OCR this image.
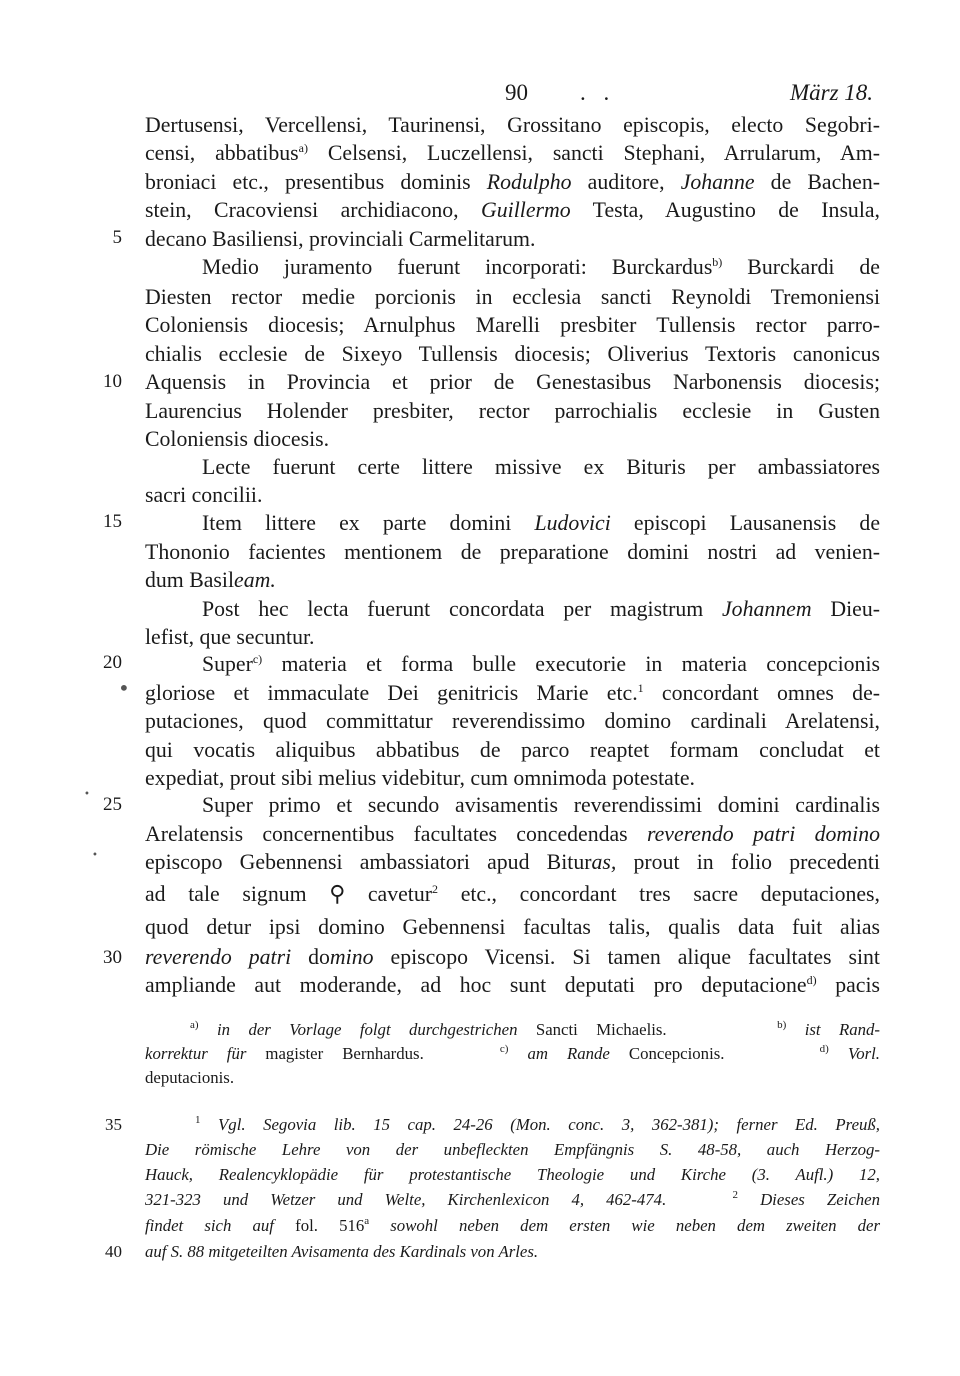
90 . .	März 18.
5
10
15
20
25
30
Dertusensi, Vercellensi, Taurinensi, Grossitano episcopis, electo Segobri-
censi, abbatibus$^{a)}$ Celsensi, Luczellensi, sancti Stephani, Arrularum, Am-
broniaci etc., presentibus dominis Rodulpho auditore, Johanne de Bachen-
stein, Cracoviensi archidiacono, Guillermo Testa, Augustino de Insula,
decano Basiliensi, provinciali Carmelitarum.
Medio juramento fuerunt incorporati: Burckardus$^{b)}$ Burckardi de
Diesten rector medie porcionis in ecclesia sancti Reynoldi Tremoniensi
Coloniensis diocesis; Arnulphus Marelli presbiter Tullensis rector parro-
chialis ecclesie de Sixeyo Tullensis diocesis; Oliverius Textoris canonicus
Aquensis in Provincia et prior de Genestasibus Narbonensis diocesis;
Laurencius Holender presbiter, rector parrochialis ecclesie in Gusten
Coloniensis diocesis.
Lecte fuerunt certe littere missive ex Bituris per ambassiatores
sacri concilii.
Item littere ex parte domini Ludovici episcopi Lausanensis de
Thononio facientes mentionem de preparatione domini nostri ad venien-
dum Basileam.
Post hec lecta fuerunt concordata per magistrum Johannem Dieu-
lefist, que secuntur.
Super$^{c)}$ materia et forma bulle executorie in materia concepcionis
gloriose et immaculate Dei genitricis Marie etc.$^1$ concordant omnes de-
putaciones, quod committatur reverendissimo domino cardinali Arelatensi,
qui vocatis aliquibus abbatibus de parco reaptet formam concludat et
expediat, prout sibi melius videbitur, cum omnimoda potestate.
Super primo et secundo avisamentis reverendissimi domini cardinalis
Arelatensis concernentibus facultates concedendas reverendo patri domino
episcopo Gebennensi ambassiatori apud Bituras, prout in folio precedenti
ad tale signum ⚲ cavetur$^2$ etc., concordant tres sacre deputaciones,
quod detur ipsi domino Gebennensi facultas talis, qualis data fuit alias
reverendo patri domino episcopo Vicensi. Si tamen alique facultates sint
ampliande aut moderande, ad hoc sunt deputati pro deputacione$^{d)}$ pacis
$^{a)}$ in der Vorlage folgt durchgestrichen Sancti Michaelis.      $^{b)}$ ist Rand-
korrektur für magister Bernhardus.    $^{c)}$ am Rande Concepcionis.     $^{d)}$ Vorl.
deputacionis.
35
40
$^1$ Vgl. Segovia lib. 15 cap. 24-26 (Mon. conc. 3, 362-381); ferner Ed. Preuß,
Die römische Lehre von der unbefleckten Empfängnis S. 48-58, auch Herzog-
Hauck, Realencyklopädie für protestantische Theologie und Kirche (3. Aufl.) 12,
321-323 und Wetzer und Welte, Kirchenlexicon 4, 462-474.	$^2$ Dieses Zeichen
findet sich auf fol. 516$^a$ sowohl neben dem ersten wie neben dem zweiten der
auf S. 88 mitgeteilten Avisamenta des Kardinals von Arles.
•
•
•
